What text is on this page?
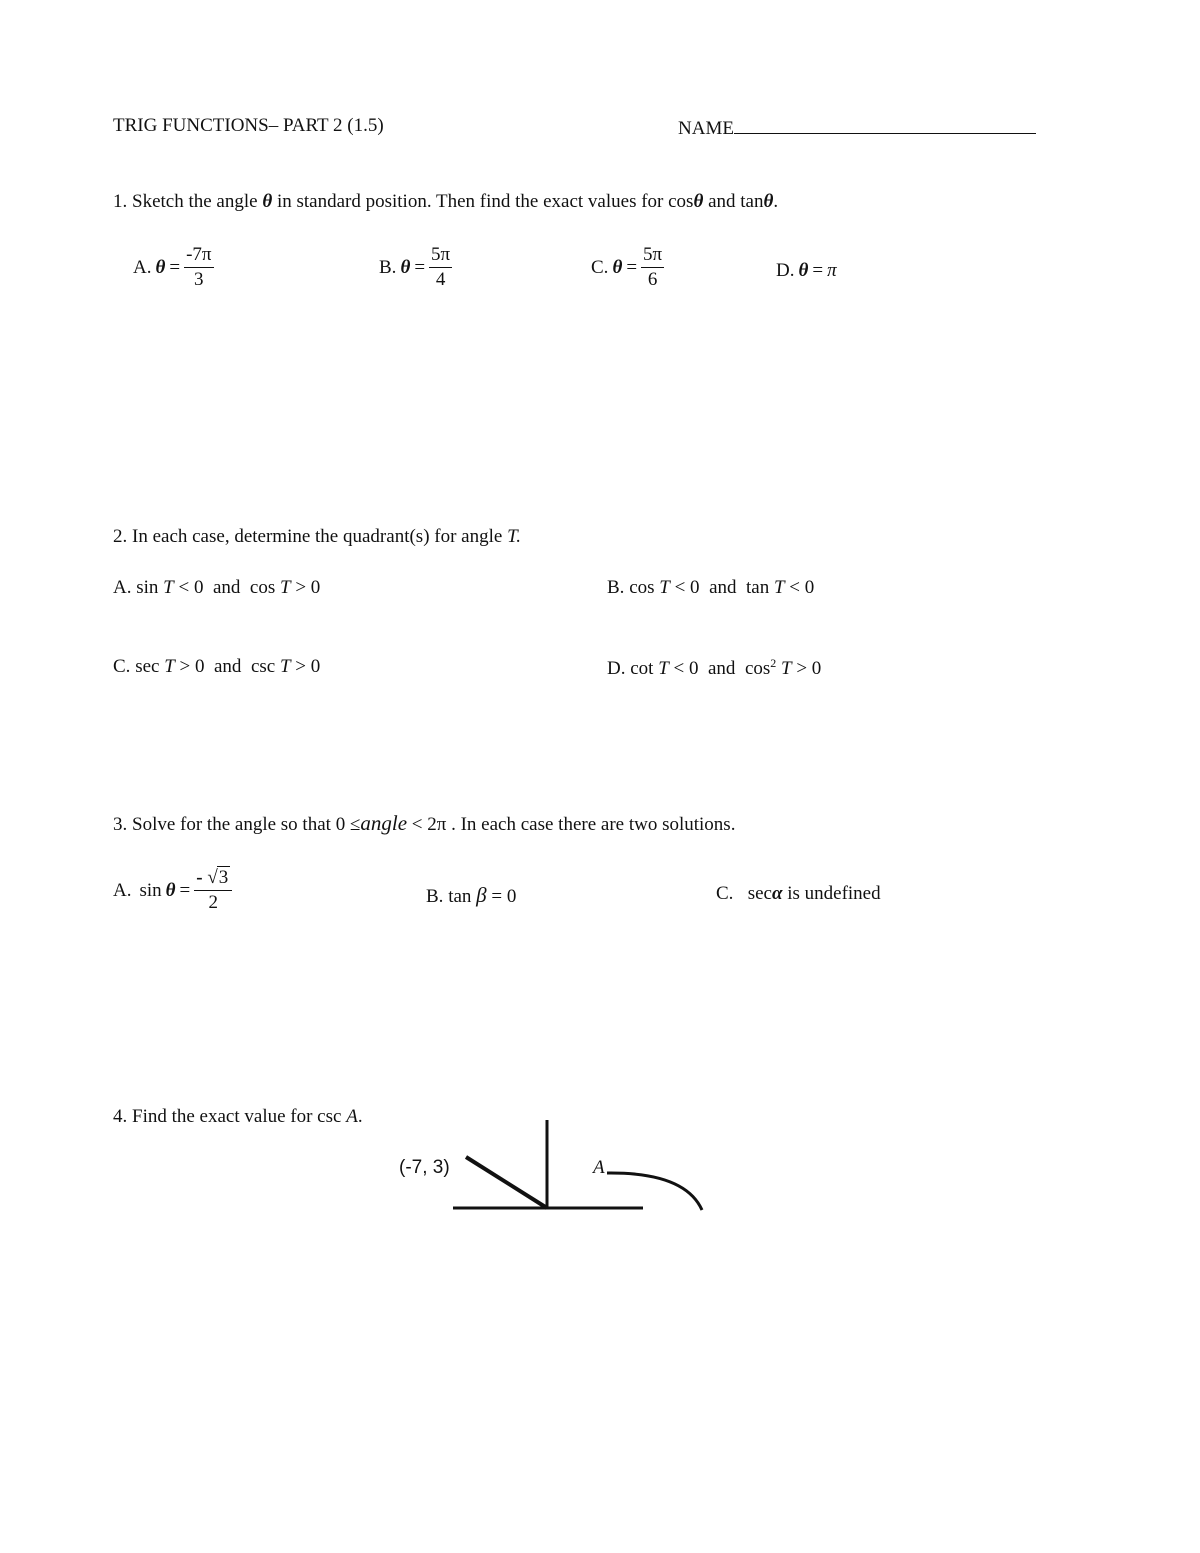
TRIG FUNCTIONS– PART 2 (1.5)	NAME
1. Sketch the angle θ in standard position. Then find the exact values for cosθ and tanθ.
A. $\theta = \frac{-7\pi}{3}$	B. $\theta = \frac{5\pi}{4}$	C. $\theta = \frac{5\pi}{6}$	D. θ = π
2. In each case, determine the quadrant(s) for angle T.
A. sin T < 0 and cos T > 0	B. cos T < 0 and tan T < 0
C. sec T > 0 and csc T > 0	D. cot T < 0 and $\cos^2 T > 0$
3. Solve for the angle so that 0 ≤angle < 2π . In each case there are two solutions.
A. $\sin \theta = \frac{- √3}{2}$	B. tan β = 0	C. secα is undefined
4. Find the exact value for csc A.
(-7, 3)	A
